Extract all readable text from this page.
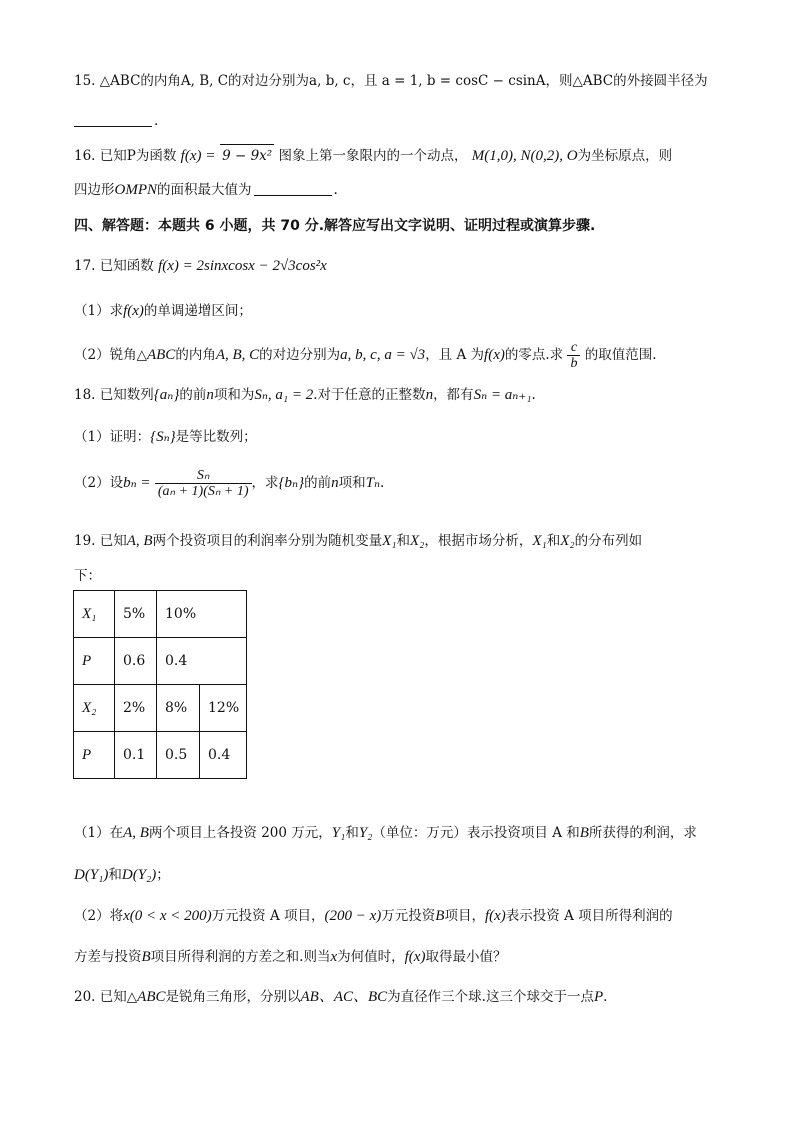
15. △ABC的内角A, B, C的对边分别为a, b, c，且 a = 1, b = cosC − csinA，则△ABC的外接圆半径为
.
16. 已知P为函数 f(x) = 9 − 9x² 图象上第一象限内的一个动点， M(1,0), N(0,2), O为坐标原点，则
四边形OMPN的面积最大值为	.
四、解答题：本题共 6 小题，共 70 分.解答应写出文字说明、证明过程或演算步骤.
17. 已知函数 f(x) = 2sinxcosx − 2√3cos²x
（1）求f(x)的单调递增区间；
（2）锐角△ABC的内角A, B, C的对边分别为a, b, c, a = √3，且 A 为f(x)的零点.求 $\frac{c}{b}$ 的取值范围.
18. 已知数列{aₙ}的前n项和为Sₙ, a₁ = 2.对于任意的正整数n，都有Sₙ = aₙ₊₁.
（1）证明：{Sₙ}是等比数列；
（2）设$b_n = \frac{\text{Sₙ}}{\text{(aₙ + 1)(Sₙ + 1)}}$ ，求{bₙ}的前n项和Tₙ.
19. 已知A, B两个投资项目的利润率分别为随机变量X₁和X₂，根据市场分析，X₁和X₂的分布列如
下：
X₁	5%	10%	
P	0.6	0.4	
X₂	2%	8%	12%
P	0.1	0.5	0.4
（1）在A, B两个项目上各投资 200 万元，Y₁和Y₂（单位：万元）表示投资项目 A 和B所获得的利润，求
D(Y₁)和D(Y₂)；
（2）将x(0 < x < 200)万元投资 A 项目，(200 − x)万元投资B项目，f(x)表示投资 A 项目所得利润的
方差与投资B项目所得利润的方差之和.则当x为何值时，f(x)取得最小值？
20. 已知△ABC是锐角三角形，分别以AB、AC、BC为直径作三个球.这三个球交于一点P.
